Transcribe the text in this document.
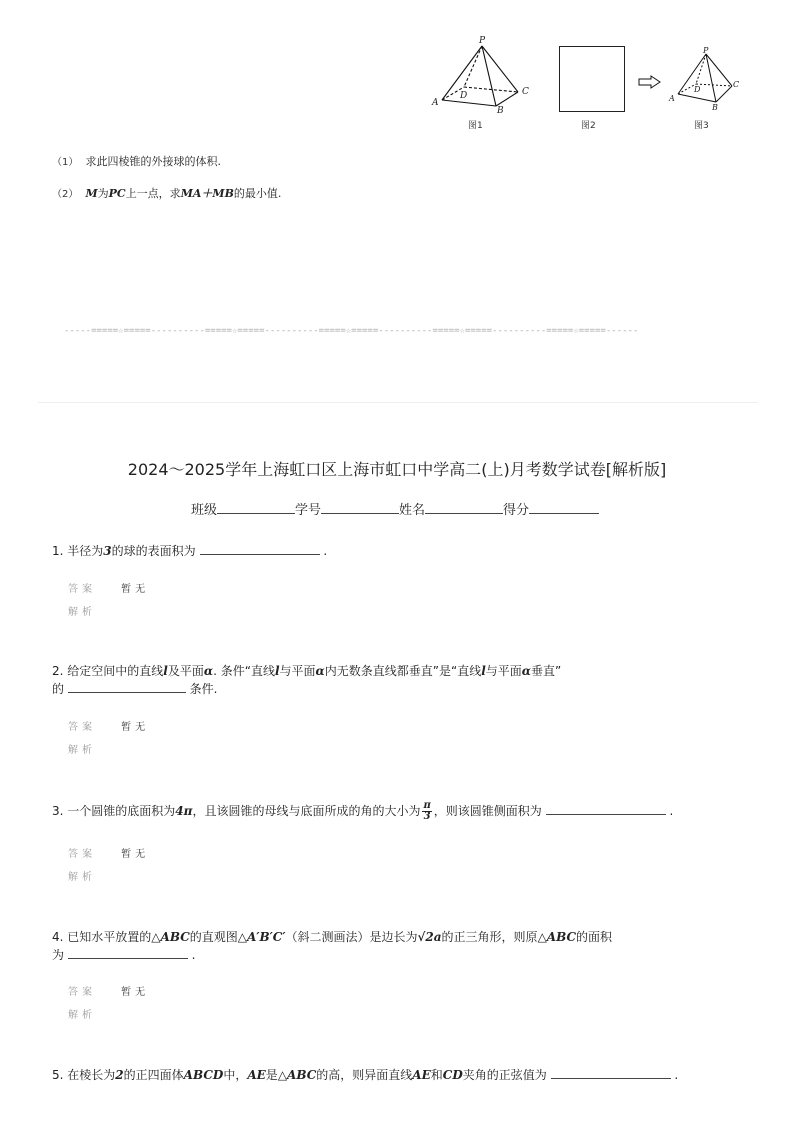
P
A
B
C
D
图1	图2
P
A
B
C
D
图3
（1） 求此四棱锥的外接球的体积.
（2） M为PC上一点，求MA＋MB的最小值.
-----=====☆=====----------=====☆=====----------=====☆=====----------=====☆=====----------=====☆=====------
2024～2025学年上海虹口区上海市虹口中学高二(上)月考数学试卷[解析版]
班级	学号	姓名	得分
1. 半径为3的球的表面积为	.
答案	暂无
解析
2. 给定空间中的直线l及平面α. 条件“直线l与平面α内无数条直线都垂直”是“直线l与平面α垂直”
的	条件.
答案	暂无
解析
3. 一个圆锥的底面积为4π，且该圆锥的母线与底面所成的角的大小为 $\frac{\pi}{3}$ ，则该圆锥侧面积为	.
答案	暂无
解析
4. 已知水平放置的△ABC的直观图△A′B′C′（斜二测画法）是边长为√2a的正三角形，则原△ABC的面积
为	.
答案	暂无
解析
5. 在棱长为2的正四面体ABCD中，AE是△ABC的高，则异面直线AE和CD夹角的正弦值为	.
